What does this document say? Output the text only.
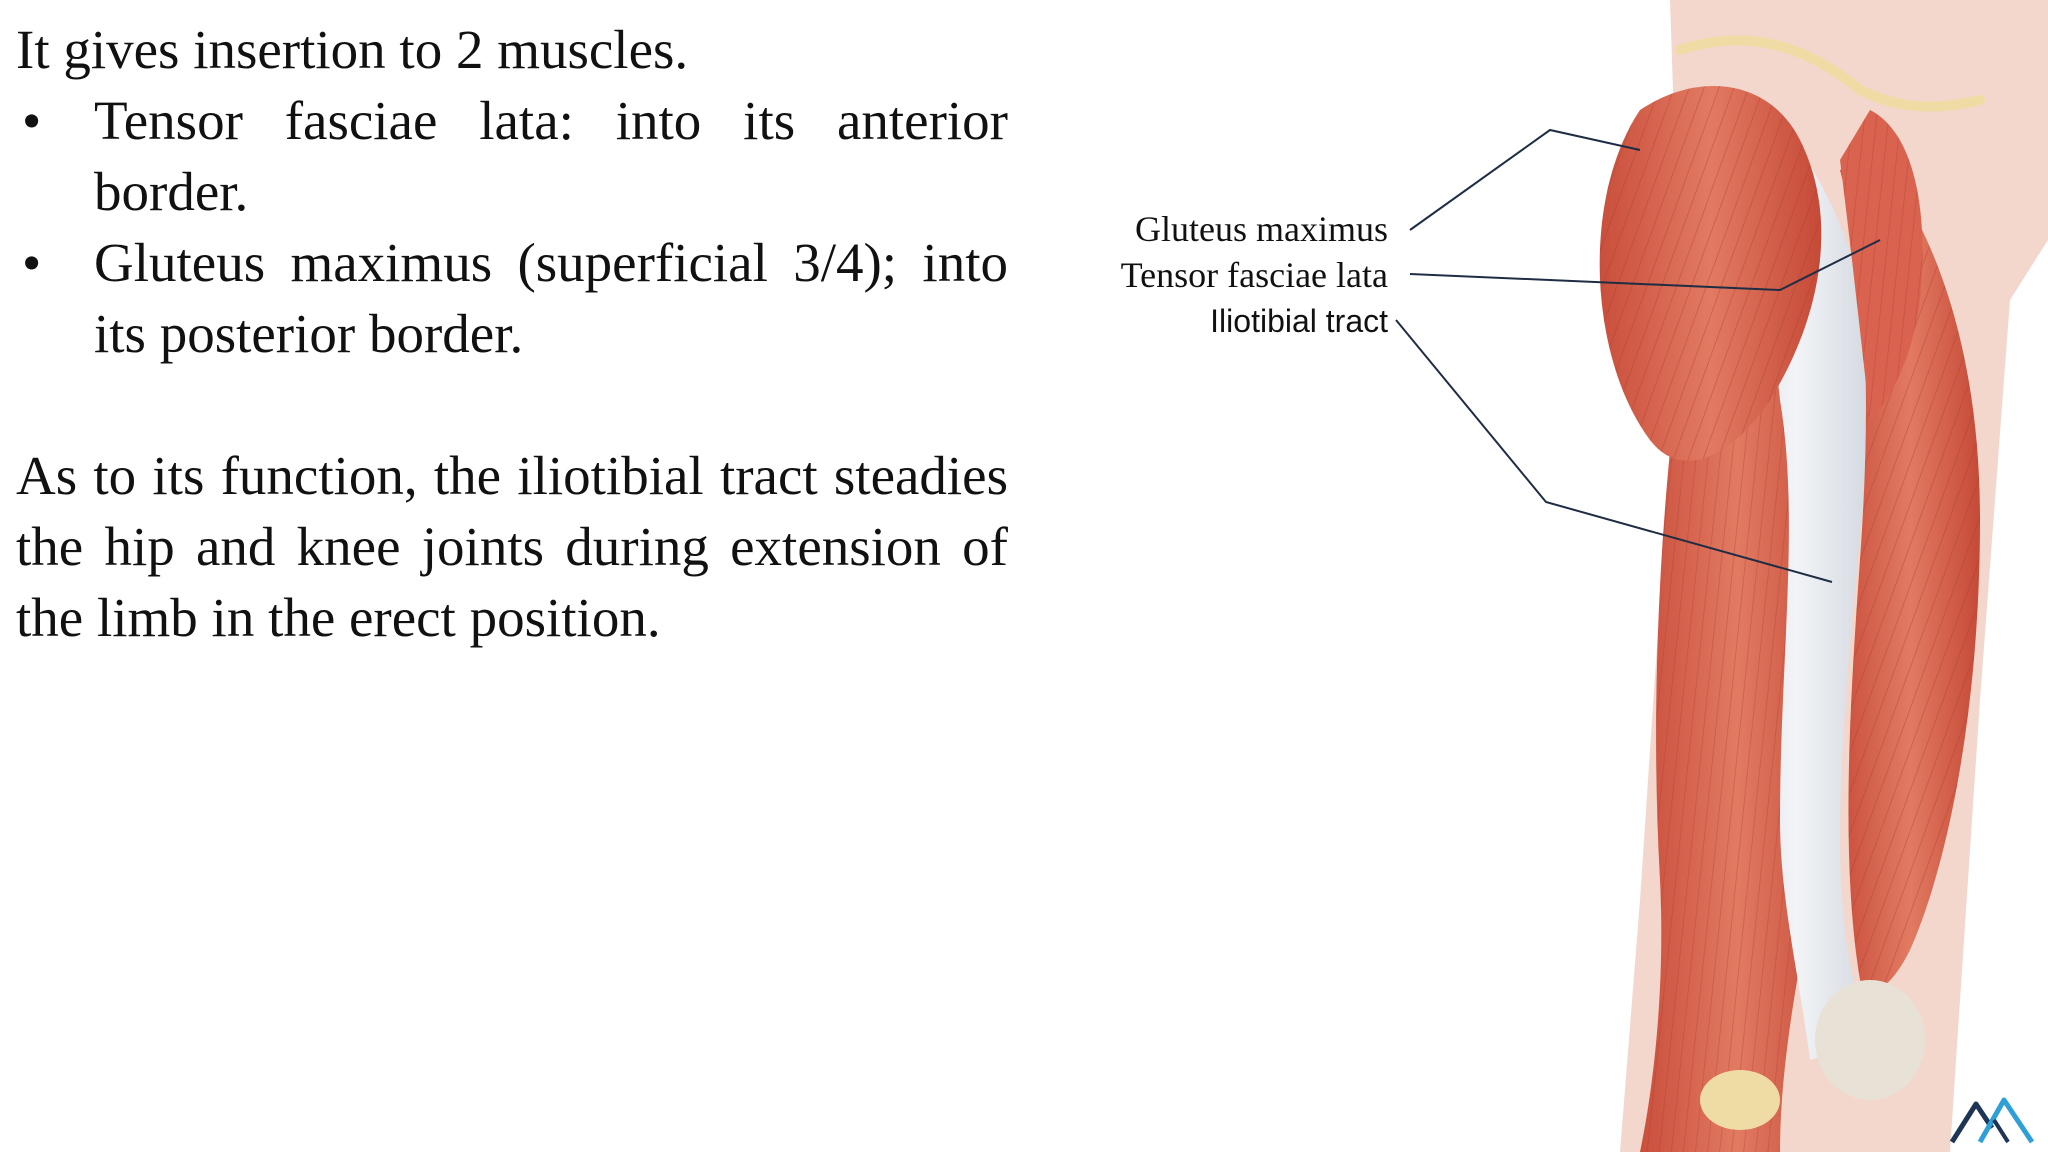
It gives insertion to 2 muscles.

• Tensor fasciae lata: into its anterior border.
• Gluteus maximus (superficial 3/4); into its posterior border.

As to its function, the iliotibial tract steadies the hip and knee joints during extension of the limb in the erect position.

Gluteus maximus
Tensor fasciae lata
Iliotibial tract
